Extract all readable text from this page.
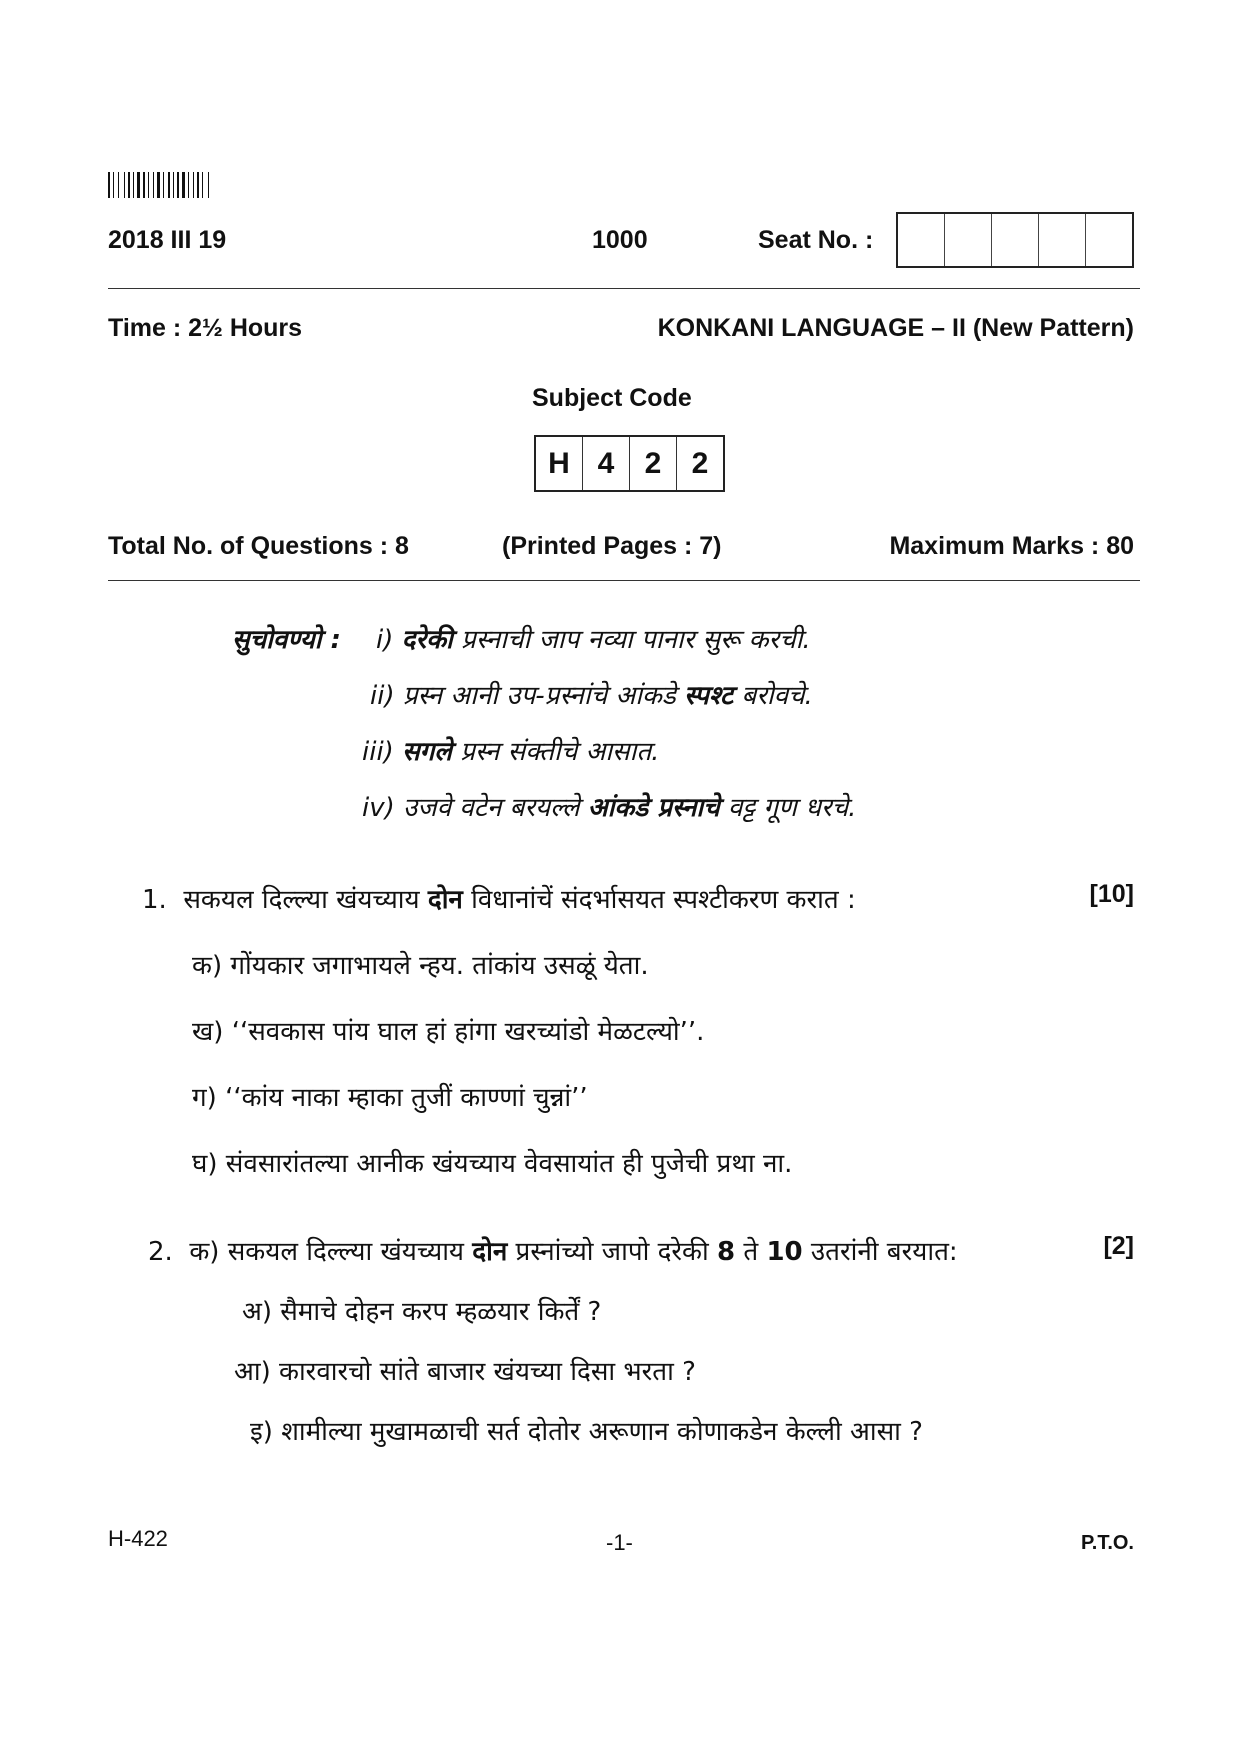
2018 III 19	1000	Seat No. :
Time : 2½ Hours	KONKANI LANGUAGE – II (New Pattern)
Subject Code
H 4	2	2
Total No. of Questions : 8	(Printed Pages : 7)	Maximum Marks : 80
सुचोवण्यो : i) दरेकी प्रस्नाची जाप नव्या पानार सुरू करची.
ii) प्रस्न आनी उप-प्रस्नांचे आंकडे स्पश्ट बरोवचे.
iii) सगले प्रस्न संक्तीचे आसात.
iv) उजवे वटेन बरयल्ले आंकडे प्रस्नाचे वट्ट गूण धरचे.
1. सकयल दिल्ल्या खंयच्याय दोन विधानांचें संदर्भासयत स्पश्टीकरण करात :	[10]
क) गोंयकार जगाभायले न्हय. तांकांय उसळूं येता.
ख) ‘‘सवकास पांय घाल हां हांगा खरच्यांडो मेळटल्यो’’.
ग) ‘‘कांय नाका म्हाका तुजीं काण्णां चुन्नां’’
घ) संवसारांतल्या आनीक खंयच्याय वेवसायांत ही पुजेची प्रथा ना.
2. क) सकयल दिल्ल्या खंयच्याय दोन प्रस्नांच्यो जापो दरेकी 8 ते 10 उतरांनी बरयात:	[2]
अ) सैमाचे दोहन करप म्हळयार किर्तें ?
आ) कारवारचो सांते बाजार खंयच्या दिसा भरता ?
इ) शामील्या मुखामळाची सर्त दोतोर अरूणान कोणाकडेन केल्ली आसा ?
H-422	-1-	P.T.O.
